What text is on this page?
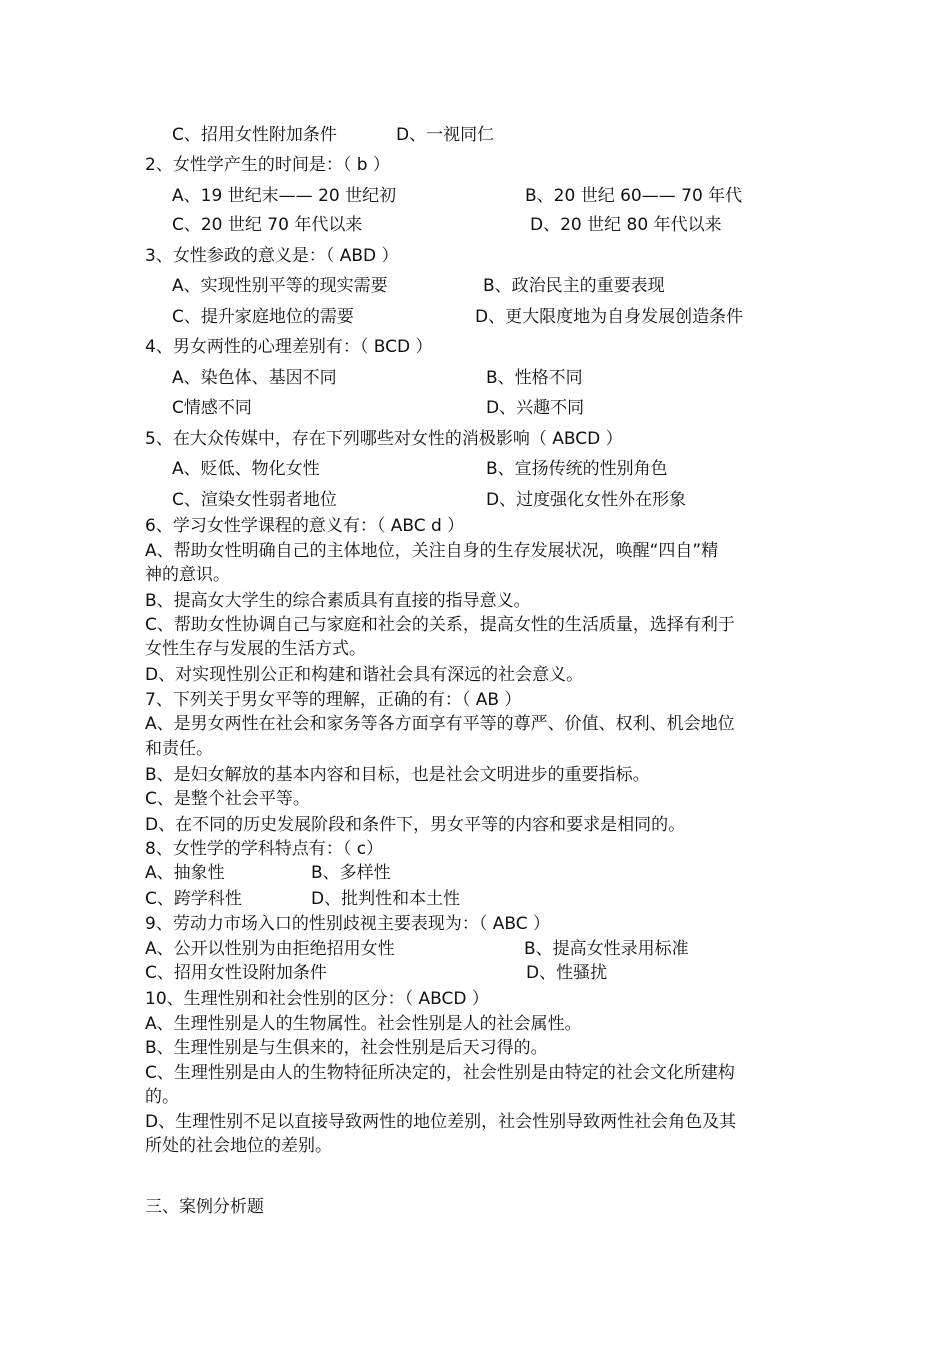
C、招用女性附加条件	D、一视同仁
2、女性学产生的时间是：（ b ）
A、19 世纪末—— 20 世纪初	B、20 世纪 60—— 70 年代
C、20 世纪 70 年代以来	D、20 世纪 80 年代以来
3、女性参政的意义是：（ ABD ）
A、实现性别平等的现实需要	B、政治民主的重要表现
C、提升家庭地位的需要	D、更大限度地为自身发展创造条件
4、男女两性的心理差别有：（ BCD ）
A、染色体、基因不同	B、性格不同
C情感不同	D、兴趣不同
5、在大众传媒中，存在下列哪些对女性的消极影响（ ABCD ）
A、贬低、物化女性	B、宣扬传统的性别角色
C、渲染女性弱者地位	D、过度强化女性外在形象
6、学习女性学课程的意义有：（ ABC d ）
A、帮助女性明确自己的主体地位，关注自身的生存发展状况，唤醒“四自”精
神的意识。
B、提高女大学生的综合素质具有直接的指导意义。
C、帮助女性协调自己与家庭和社会的关系，提高女性的生活质量，选择有利于
女性生存与发展的生活方式。
D、对实现性别公正和构建和谐社会具有深远的社会意义。
7、下列关于男女平等的理解，正确的有：（ AB ）
A、是男女两性在社会和家务等各方面享有平等的尊严、价值、权利、机会地位
和责任。
B、是妇女解放的基本内容和目标，也是社会文明进步的重要指标。
C、是整个社会平等。
D、在不同的历史发展阶段和条件下，男女平等的内容和要求是相同的。
8、女性学的学科特点有：（ c）
A、抽象性	B、多样性
C、跨学科性	D、批判性和本土性
9、劳动力市场入口的性别歧视主要表现为：（ ABC ）
A、公开以性别为由拒绝招用女性	B、提高女性录用标准
C、招用女性设附加条件	D、性骚扰
10、生理性别和社会性别的区分：（ ABCD ）
A、生理性别是人的生物属性。社会性别是人的社会属性。
B、生理性别是与生俱来的，社会性别是后天习得的。
C、生理性别是由人的生物特征所决定的，社会性别是由特定的社会文化所建构
的。
D、生理性别不足以直接导致两性的地位差别，社会性别导致两性社会角色及其
所处的社会地位的差别。
三、案例分析题
